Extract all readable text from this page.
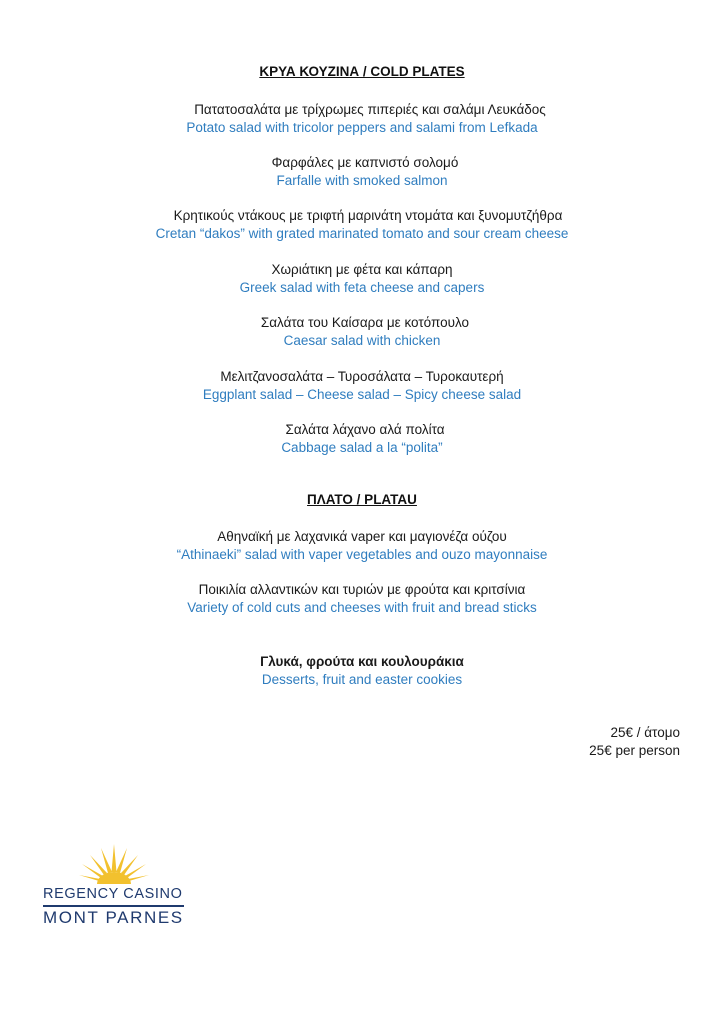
ΚΡΥΑ ΚΟΥΖΙΝΑ / COLD PLATES
Πατατοσαλάτα με τρίχρωμες πιπεριές και σαλάμι Λευκάδος
Potato salad with tricolor peppers and salami from Lefkada
Φαρφάλες με καπνιστό σολομό
Farfalle with smoked salmon
Κρητικούς ντάκους με τριφτή μαρινάτη ντομάτα και ξυνομυτζήθρα
Cretan “dakos” with grated marinated tomato and sour cream cheese
Χωριάτικη με φέτα και κάπαρη
Greek salad with feta cheese and capers
Σαλάτα του Καίσαρα με κοτόπουλο
Caesar salad with chicken
Μελιτζανοσαλάτα – Τυροσάλατα – Τυροκαυτερή
Eggplant salad – Cheese salad – Spicy cheese salad
Σαλάτα λάχανο αλά πολίτα
Cabbage salad a la “polita”
ΠΛΑΤΟ / PLATAU
Αθηναϊκή με λαχανικά vaper και μαγιονέζα ούζου
“Athinaeki” salad with vaper vegetables and ouzo mayonnaise
Ποικιλία αλλαντικών και τυριών με φρούτα και κριτσίνια
Variety of cold cuts and cheeses with fruit and bread sticks
Γλυκά, φρούτα και κουλουράκια
Desserts, fruit and easter cookies
25€ / άτομο
25€ per person
REGENCY CASINO
MONT PARNES
